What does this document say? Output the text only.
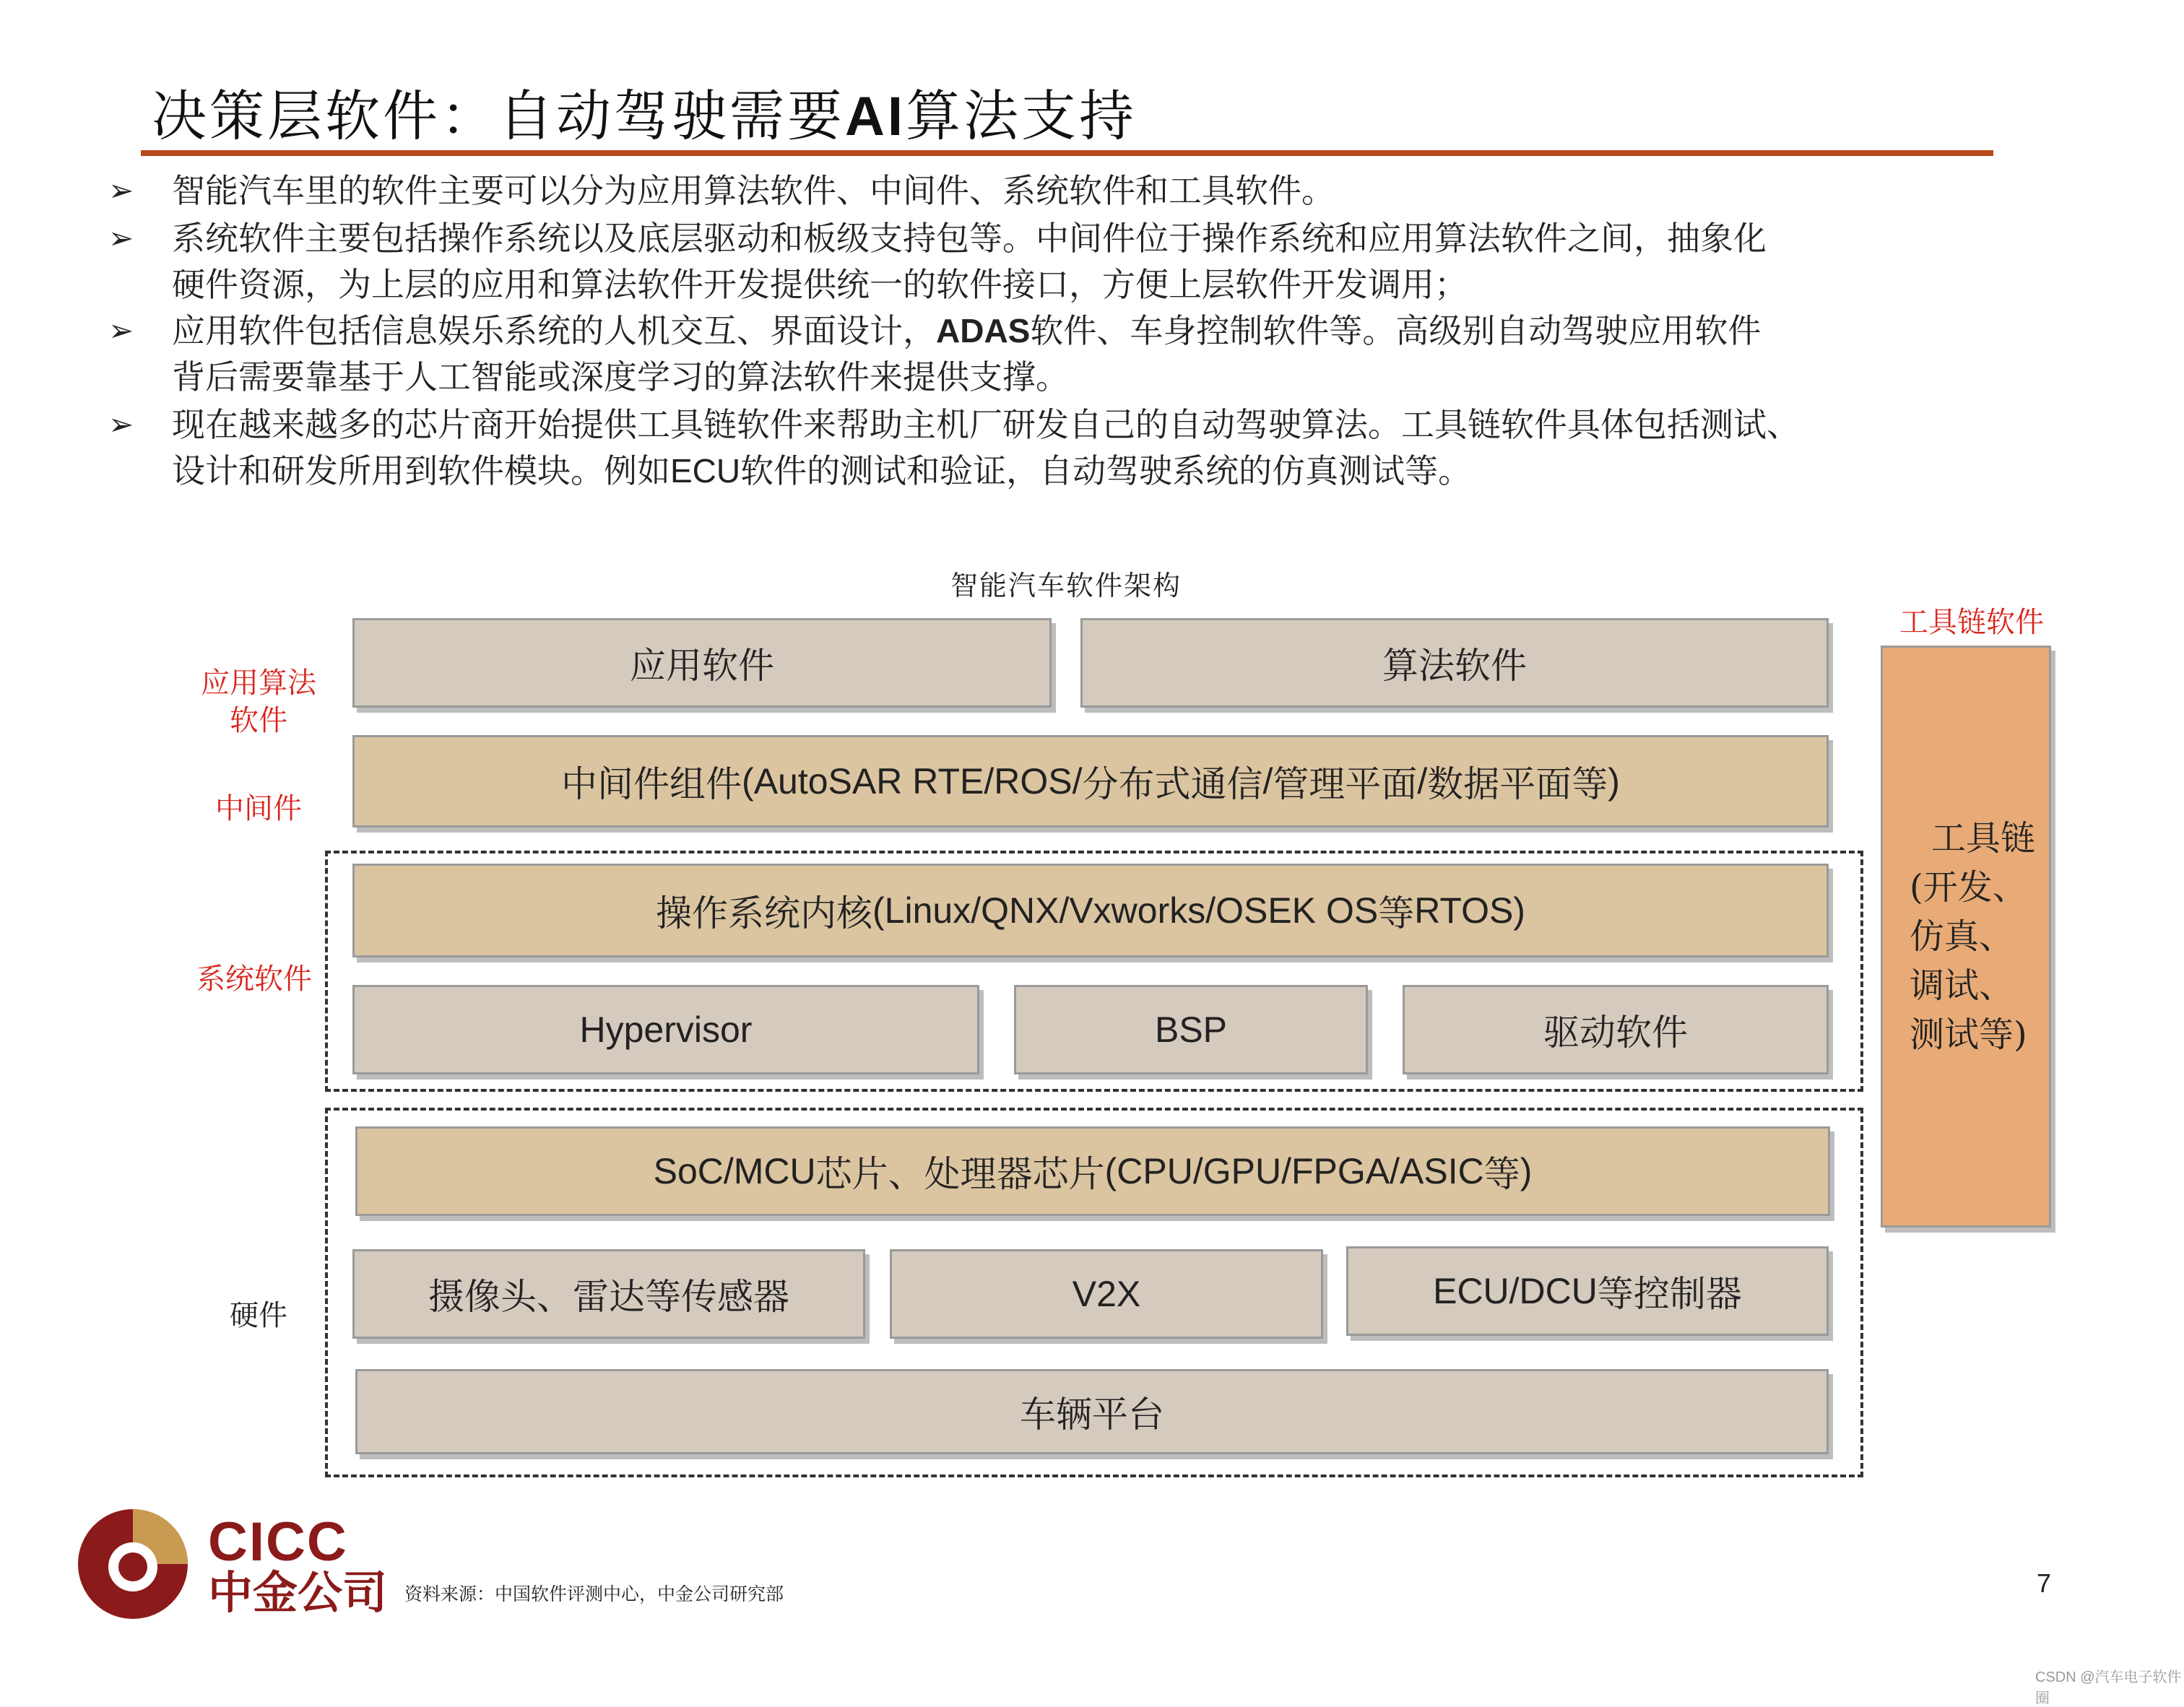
决策层软件：自动驾驶需要AI算法支持
➢ 智能汽车里的软件主要可以分为应用算法软件、中间件、系统软件和工具软件。
➢ 系统软件主要包括操作系统以及底层驱动和板级支持包等。中间件位于操作系统和应用算法软件之间，抽象化
硬件资源，为上层的应用和算法软件开发提供统一的软件接口，方便上层软件开发调用；
➢ 应用软件包括信息娱乐系统的人机交互、界面设计，ADAS软件、车身控制软件等。高级别自动驾驶应用软件
背后需要靠基于人工智能或深度学习的算法软件来提供支撑。
➢ 现在越来越多的芯片商开始提供工具链软件来帮助主机厂研发自己的自动驾驶算法。工具链软件具体包括测试、
设计和研发所用到软件模块。例如ECU软件的测试和验证，自动驾驶系统的仿真测试等。
智能汽车软件架构
应用算法
软件
中间件
系统软件
硬件
工具链软件
应用软件	算法软件
中间件组件 (AutoSAR RTE/ROS/ 分布式通信 / 管理平面 / 数据平面等 )
操作系统内核 (Linux/QNX/Vxworks/OSEK OS 等 RTOS)
Hypervisor	BSP	驱动软件
SoC/MCU 芯片、处理器芯片 (CPU/GPU/FPGA/ASIC 等 )
摄像头、雷达等传感器	V2X	ECU/DCU 等控制器
车辆平台
工具链
(开发、
仿真、
调试、
测试等)
CICC
中金公司 资料来源：中国软件评测中心，中金公司研究部	7
CSDN @汽车电子软件圈
